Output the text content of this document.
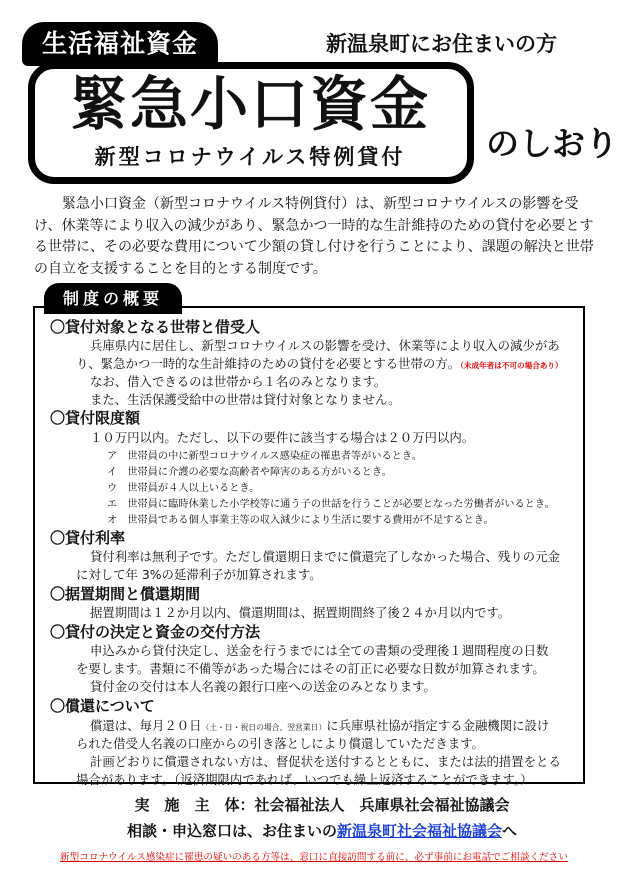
生活福祉資金	新温泉町にお住まいの方
緊急小口資金
新型コロナウイルス特例貸付	のしおり

緊急小口資金（新型コロナウイルス特例貸付）は、新型コロナウイルスの影響を受け、休業等により収入の減少があり、緊急かつ一時的な生計維持のための貸付を必要とする世帯に、その必要な費用について少額の貸し付けを行うことにより、課題の解決と世帯の自立を支援することを目的とする制度です。

制度の概要
〇貸付対象となる世帯と借受人
兵庫県内に居住し、新型コロナウイルスの影響を受け、休業等により収入の減少があ
り、緊急かつ一時的な生計維持のための貸付を必要とする世帯の方。（未成年者は不可の場合あり）
なお、借入できるのは世帯から１名のみとなります。
また、生活保護受給中の世帯は貸付対象となりません。
〇貸付限度額
１０万円以内。ただし、以下の要件に該当する場合は２０万円以内。
ア　世帯員の中に新型コロナウイルス感染症の罹患者等がいるとき。
イ　世帯員に介護の必要な高齢者や障害のある方がいるとき。
ウ　世帯員が４人以上いるとき。
エ　世帯員に臨時休業した小学校等に通う子の世話を行うことが必要となった労働者がいるとき。
オ　世帯員である個人事業主等の収入減少により生活に要する費用が不足するとき。
〇貸付利率
貸付利率は無利子です。ただし償還期日までに償還完了しなかった場合、残りの元金
に対して年 3%の延滞利子が加算されます。
〇据置期間と償還期間
据置期間は１２か月以内、償還期間は、据置期間終了後２４か月以内です。
〇貸付の決定と資金の交付方法
申込みから貸付決定し、送金を行うまでには全ての書類の受理後１週間程度の日数
を要します。書類に不備等があった場合にはその訂正に必要な日数が加算されます。
貸付金の交付は本人名義の銀行口座への送金のみとなります。
〇償還について
償還は、毎月２０日（土・日・祝日の場合、翌営業日）に兵庫県社協が指定する金融機関に設け
られた借受人名義の口座からの引き落としにより償還していただきます。
計画どおりに償還されない方は、督促状を送付するとともに、または法的措置をとる
場合があります。（返済期限内であれば、いつでも繰上返済することができます。）
実　施　主　体：社会福祉法人　兵庫県社会福祉協議会
相談・申込窓口は、お住まいの新温泉町社会福祉協議会へ
新型コロナウイルス感染症に罹患の疑いのある方等は、窓口に直接訪問する前に、必ず事前にお電話でご相談ください
